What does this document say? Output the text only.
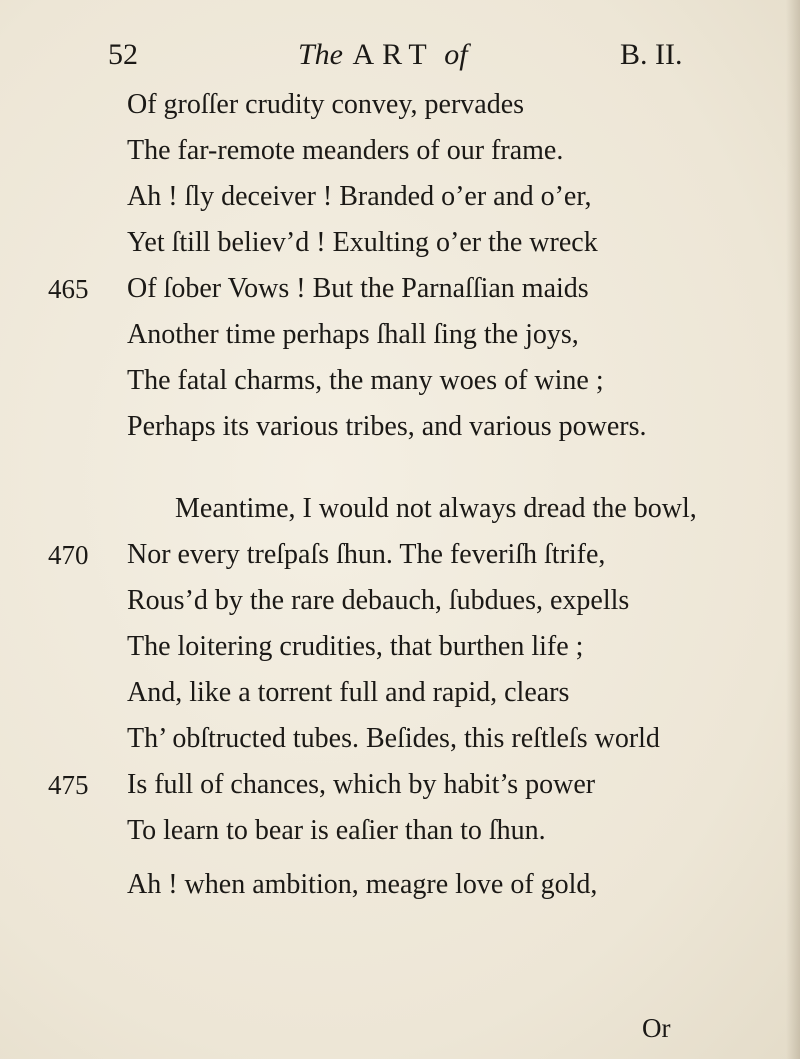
52	The ART of	B. II.
Of groſſer crudity convey, pervades
The far-remote meanders of our frame.
Ah ! ſly deceiver ! Branded o’er and o’er,
Yet ſtill believ’d ! Exulting o’er the wreck
465 Of ſober Vows ! But the Parnaſſian maids
Another time perhaps ſhall ſing the joys,
The fatal charms, the many woes of wine ;
Perhaps its various tribes, and various powers.
Meantime, I would not always dread the bowl,
470 Nor every treſpaſs ſhun. The feveriſh ſtrife,
Rous’d by the rare debauch, ſubdues, expells
The loitering crudities, that burthen life ;
And, like a torrent full and rapid, clears
Th’ obſtructed tubes. Beſides, this reſtleſs world
475 Is full of chances, which by habit’s power
To learn to bear is eaſier than to ſhun.
Ah ! when ambition, meagre love of gold,
Or
